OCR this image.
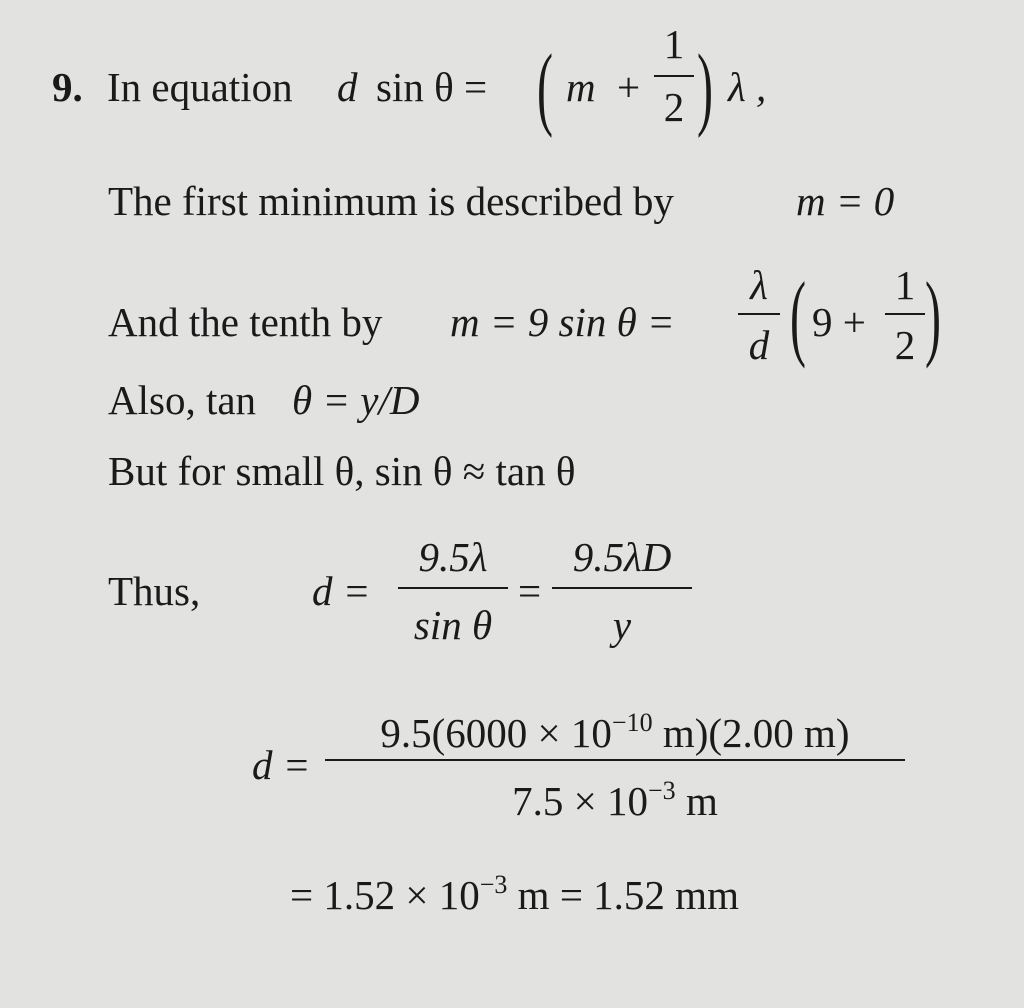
9. In equation d sin θ = ( m +
1
2 ) λ ,
The first minimum is described by	m = 0
And the tenth by m = 9 sin θ =
λ
d ( 9 +
1
2 )
Also, tan θ = y/D
But for small θ, sin θ ≈ tan θ
Thus,	d =
9.5λ
sin θ
=
9.5λD
y
d =
$9.5(6000 \times 10^{-10}$ m)(2.00 m)
$7.5 \times 10^{-3}$ m
= $1.52 \times 10^{-3}$ m = 1.52 mm
